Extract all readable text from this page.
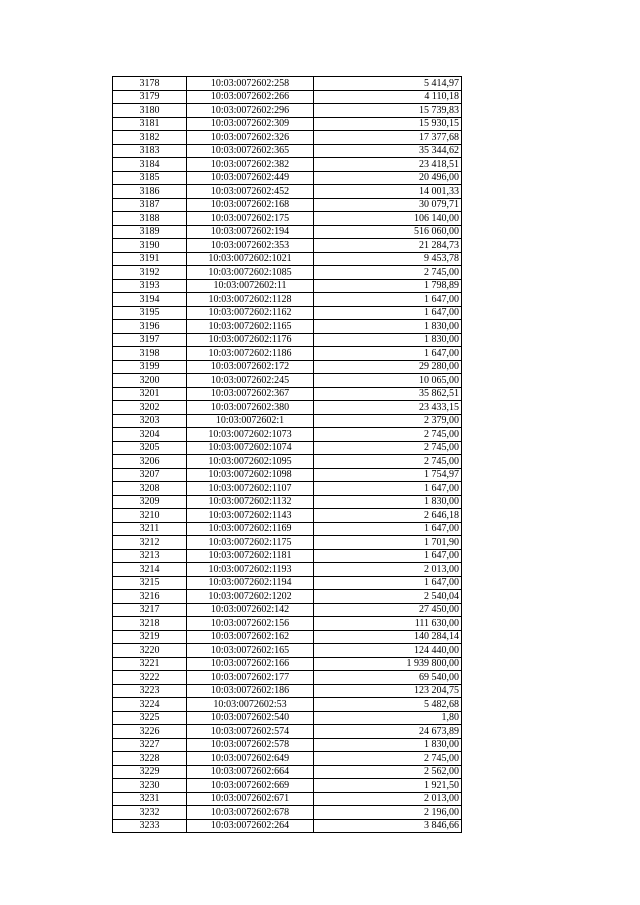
3178	10:03:0072602:258	5 414,97
3179	10:03:0072602:266	4 110,18
3180	10:03:0072602:296	15 739,83
3181	10:03:0072602:309	15 930,15
3182	10:03:0072602:326	17 377,68
3183	10:03:0072602:365	35 344,62
3184	10:03:0072602:382	23 418,51
3185	10:03:0072602:449	20 496,00
3186	10:03:0072602:452	14 001,33
3187	10:03:0072602:168	30 079,71
3188	10:03:0072602:175	106 140,00
3189	10:03:0072602:194	516 060,00
3190	10:03:0072602:353	21 284,73
3191	10:03:0072602:1021	9 453,78
3192	10:03:0072602:1085	2 745,00
3193	10:03:0072602:11	1 798,89
3194	10:03:0072602:1128	1 647,00
3195	10:03:0072602:1162	1 647,00
3196	10:03:0072602:1165	1 830,00
3197	10:03:0072602:1176	1 830,00
3198	10:03:0072602:1186	1 647,00
3199	10:03:0072602:172	29 280,00
3200	10:03:0072602:245	10 065,00
3201	10:03:0072602:367	35 862,51
3202	10:03:0072602:380	23 433,15
3203	10:03:0072602:1	2 379,00
3204	10:03:0072602:1073	2 745,00
3205	10:03:0072602:1074	2 745,00
3206	10:03:0072602:1095	2 745,00
3207	10:03:0072602:1098	1 754,97
3208	10:03:0072602:1107	1 647,00
3209	10:03:0072602:1132	1 830,00
3210	10:03:0072602:1143	2 646,18
3211	10:03:0072602:1169	1 647,00
3212	10:03:0072602:1175	1 701,90
3213	10:03:0072602:1181	1 647,00
3214	10:03:0072602:1193	2 013,00
3215	10:03:0072602:1194	1 647,00
3216	10:03:0072602:1202	2 540,04
3217	10:03:0072602:142	27 450,00
3218	10:03:0072602:156	111 630,00
3219	10:03:0072602:162	140 284,14
3220	10:03:0072602:165	124 440,00
3221	10:03:0072602:166	1 939 800,00
3222	10:03:0072602:177	69 540,00
3223	10:03:0072602:186	123 204,75
3224	10:03:0072602:53	5 482,68
3225	10:03:0072602:540	1,80
3226	10:03:0072602:574	24 673,89
3227	10:03:0072602:578	1 830,00
3228	10:03:0072602:649	2 745,00
3229	10:03:0072602:664	2 562,00
3230	10:03:0072602:669	1 921,50
3231	10:03:0072602:671	2 013,00
3232	10:03:0072602:678	2 196,00
3233	10:03:0072602:264	3 846,66
